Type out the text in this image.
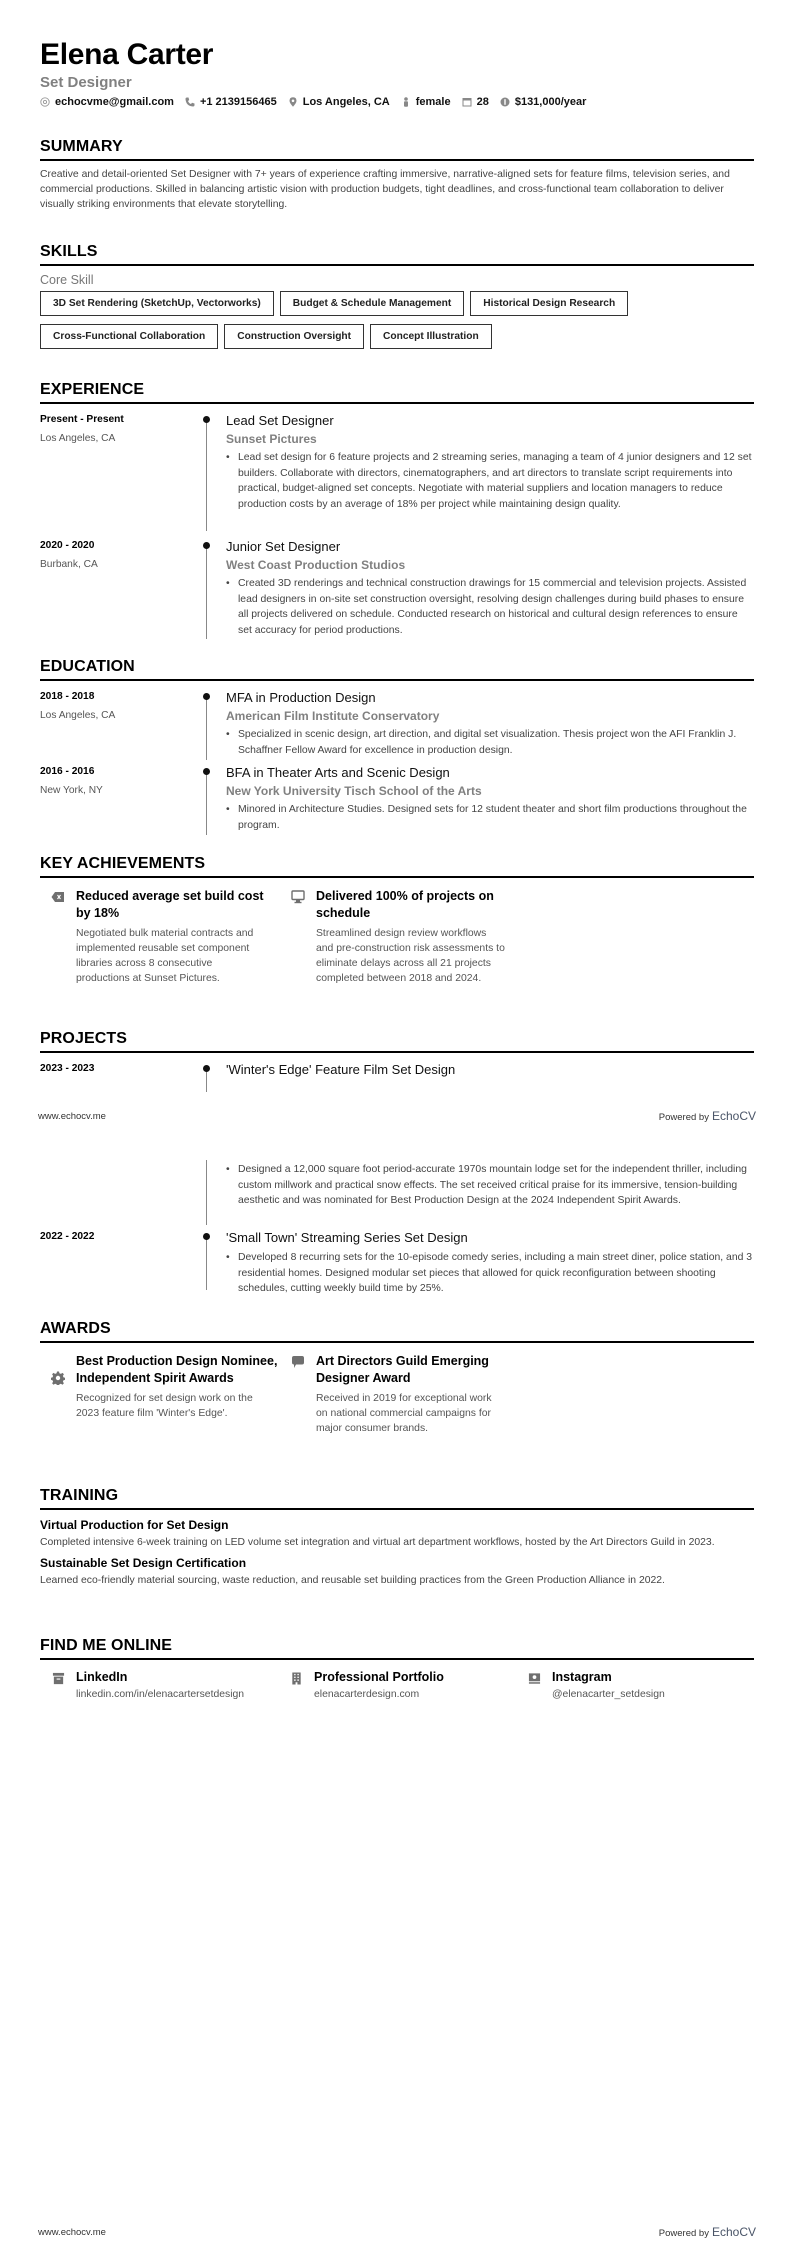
Elena Carter
Set Designer
echocvme@gmail.com +1 2139156465 Los Angeles, CA female 28 $131,000/year
SUMMARY

Creative and detail-oriented Set Designer with 7+ years of experience crafting immersive, narrative-aligned sets for feature films, television series, and commercial productions. Skilled in balancing artistic vision with production budgets, tight deadlines, and cross-functional team collaboration to deliver visually striking environments that elevate storytelling.

SKILLS
Core Skill
3D Set Rendering (SketchUp, Vectorworks)	Budget & Schedule Management	Historical Design Research
Cross-Functional Collaboration	Construction Oversight	Concept Illustration
EXPERIENCE
Present - Present
Los Angeles, CA
Lead Set Designer
Sunset Pictures
• Lead set design for 6 feature projects and 2 streaming series, managing a team of 4 junior designers and 12 set builders. Collaborate with directors, cinematographers, and art directors to translate script requirements into practical, budget-aligned set concepts. Negotiate with material suppliers and location managers to reduce production costs by an average of 18% per project while maintaining design quality.
2020 - 2020
Burbank, CA
Junior Set Designer
West Coast Production Studios
• Created 3D renderings and technical construction drawings for 15 commercial and television projects. Assisted lead designers in on-site set construction oversight, resolving design challenges during build phases to ensure all projects delivered on schedule. Conducted research on historical and cultural design references to ensure set accuracy for period productions.
EDUCATION
2018 - 2018
Los Angeles, CA
MFA in Production Design
American Film Institute Conservatory
• Specialized in scenic design, art direction, and digital set visualization. Thesis project won the AFI Franklin J. Schaffner Fellow Award for excellence in production design.
2016 - 2016
New York, NY
BFA in Theater Arts and Scenic Design
New York University Tisch School of the Arts
• Minored in Architecture Studies. Designed sets for 12 student theater and short film productions throughout the program.
KEY ACHIEVEMENTS
Reduced average set build cost by 18%
Negotiated bulk material contracts and implemented reusable set component libraries across 8 consecutive productions at Sunset Pictures.
Delivered 100% of projects on schedule
Streamlined design review workflows and pre-construction risk assessments to eliminate delays across all 21 projects completed between 2018 and 2024.
PROJECTS
2023 - 2023	'Winter's Edge' Feature Film Set Design
www.echocv.me	Powered by EchoCV
• Designed a 12,000 square foot period-accurate 1970s mountain lodge set for the independent thriller, including custom millwork and practical snow effects. The set received critical praise for its immersive, tension-building aesthetic and was nominated for Best Production Design at the 2024 Independent Spirit Awards.
2022 - 2022	'Small Town' Streaming Series Set Design
• Developed 8 recurring sets for the 10-episode comedy series, including a main street diner, police station, and 3 residential homes. Designed modular set pieces that allowed for quick reconfiguration between shooting schedules, cutting weekly build time by 25%.
AWARDS
Best Production Design Nominee, Independent Spirit Awards
Recognized for set design work on the 2023 feature film 'Winter's Edge'.
Art Directors Guild Emerging Designer Award
Received in 2019 for exceptional work on national commercial campaigns for major consumer brands.
TRAINING
Virtual Production for Set Design
Completed intensive 6-week training on LED volume set integration and virtual art department workflows, hosted by the Art Directors Guild in 2023.
Sustainable Set Design Certification
Learned eco-friendly material sourcing, waste reduction, and reusable set building practices from the Green Production Alliance in 2022.
FIND ME ONLINE
LinkedIn
linkedin.com/in/elenacartersetdesign
Professional Portfolio
elenacarterdesign.com
Instagram
@elenacarter_setdesign
www.echocv.me	Powered by EchoCV
